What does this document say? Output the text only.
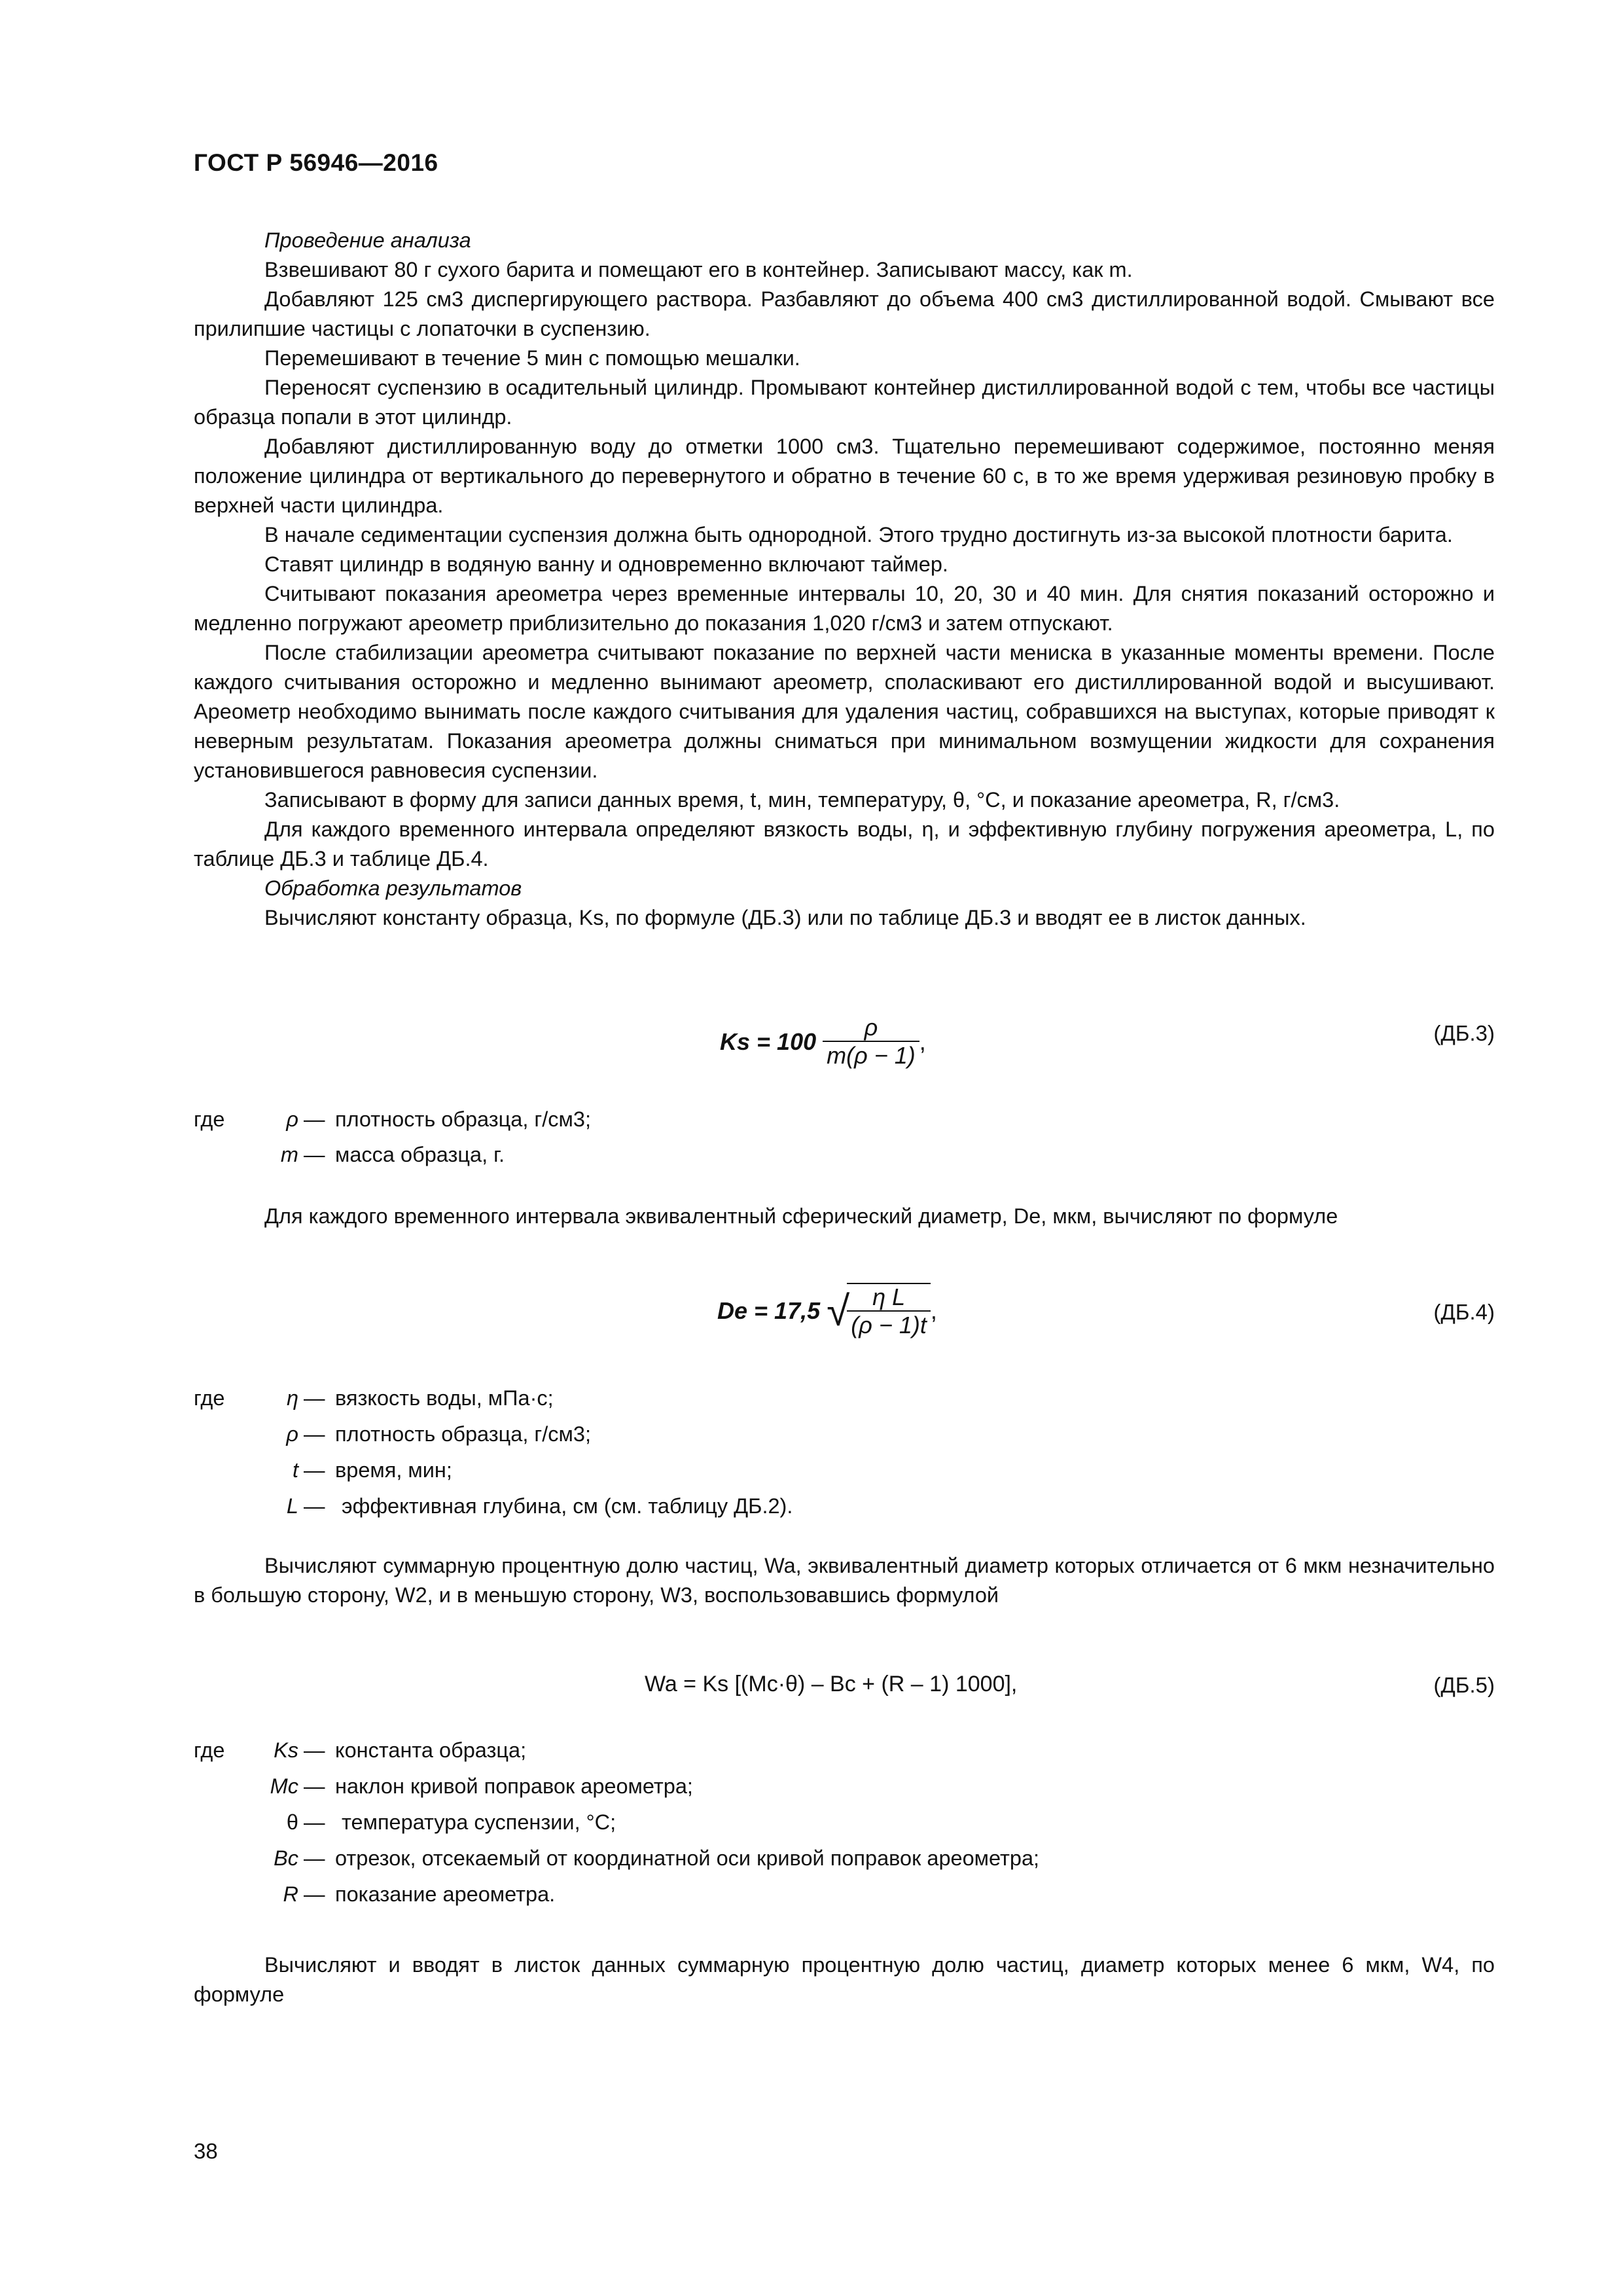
ГОСТ Р 56946—2016

Проведение анализа

Взвешивают 80 г сухого барита и помещают его в контейнер. Записывают массу, как m.

Добавляют 125 см3 диспергирующего раствора. Разбавляют до объема 400 см3 дистиллированной водой. Смывают все прилипшие частицы с лопаточки в суспензию.

Перемешивают в течение 5 мин с помощью мешалки.

Переносят суспензию в осадительный цилиндр. Промывают контейнер дистиллированной водой с тем, чтобы все частицы образца попали в этот цилиндр.

Добавляют дистиллированную воду до отметки 1000 см3. Тщательно перемешивают содержимое, постоянно меняя положение цилиндра от вертикального до перевернутого и обратно в течение 60 с, в то же время удерживая резиновую пробку в верхней части цилиндра.

В начале седиментации суспензия должна быть однородной. Этого трудно достигнуть из-за высокой плотности барита.

Ставят цилиндр в водяную ванну и одновременно включают таймер.

Считывают показания ареометра через временные интервалы 10, 20, 30 и 40 мин. Для снятия показаний осторожно и медленно погружают ареометр приблизительно до показания 1,020 г/см3 и затем отпускают.

После стабилизации ареометра считывают показание по верхней части мениска в указанные моменты времени. После каждого считывания осторожно и медленно вынимают ареометр, споласкивают его дистиллированной водой и высушивают. Ареометр необходимо вынимать после каждого считывания для удаления частиц, собравшихся на выступах, которые приводят к неверным результатам. Показания ареометра должны сниматься при минимальном возмущении жидкости для сохранения установившегося равновесия суспензии.

Записывают в форму для записи данных время, t, мин, температуру, θ, °С, и показание ареометра, R, г/см3.

Для каждого временного интервала определяют вязкость воды, η, и эффективную глубину погружения ареометра, L, по таблице ДБ.3 и таблице ДБ.4.

Обработка результатов

Вычисляют константу образца, Ks, по формуле (ДБ.3) или по таблице ДБ.3 и вводят ее в листок данных.

$Ks = 100 \frac{\rho}{m(\rho - 1)}$ ,	(ДБ.3)
где	ρ — плотность образца, г/см3;
m — масса образца, г.

Для каждого временного интервала эквивалентный сферический диаметр, De, мкм, вычисляют по формуле

De = 17,5 √
$\frac{\text{η L}}{(\rho - 1)t}$ ,	(ДБ.4)
где	η — вязкость воды, мПа·с;
ρ — плотность образца, г/см3;
t — время, мин;
L — эффективная глубина, см (см. таблицу ДБ.2).

Вычисляют суммарную процентную долю частиц, Wa, эквивалентный диаметр которых отличается от 6 мкм незначительно в большую сторону, W2, и в меньшую сторону, W3, воспользовавшись формулой

Wa = Ks [(Mc·θ) – Bc + (R – 1) 1000],	(ДБ.5)
где	Ks — константа образца;
Mc — наклон кривой поправок ареометра;
θ — температура суспензии, °С;
Bc — отрезок, отсекаемый от координатной оси кривой поправок ареометра;
R — показание ареометра.

Вычисляют и вводят в листок данных суммарную процентную долю частиц, диаметр которых менее 6 мкм, W4, по формуле

38
